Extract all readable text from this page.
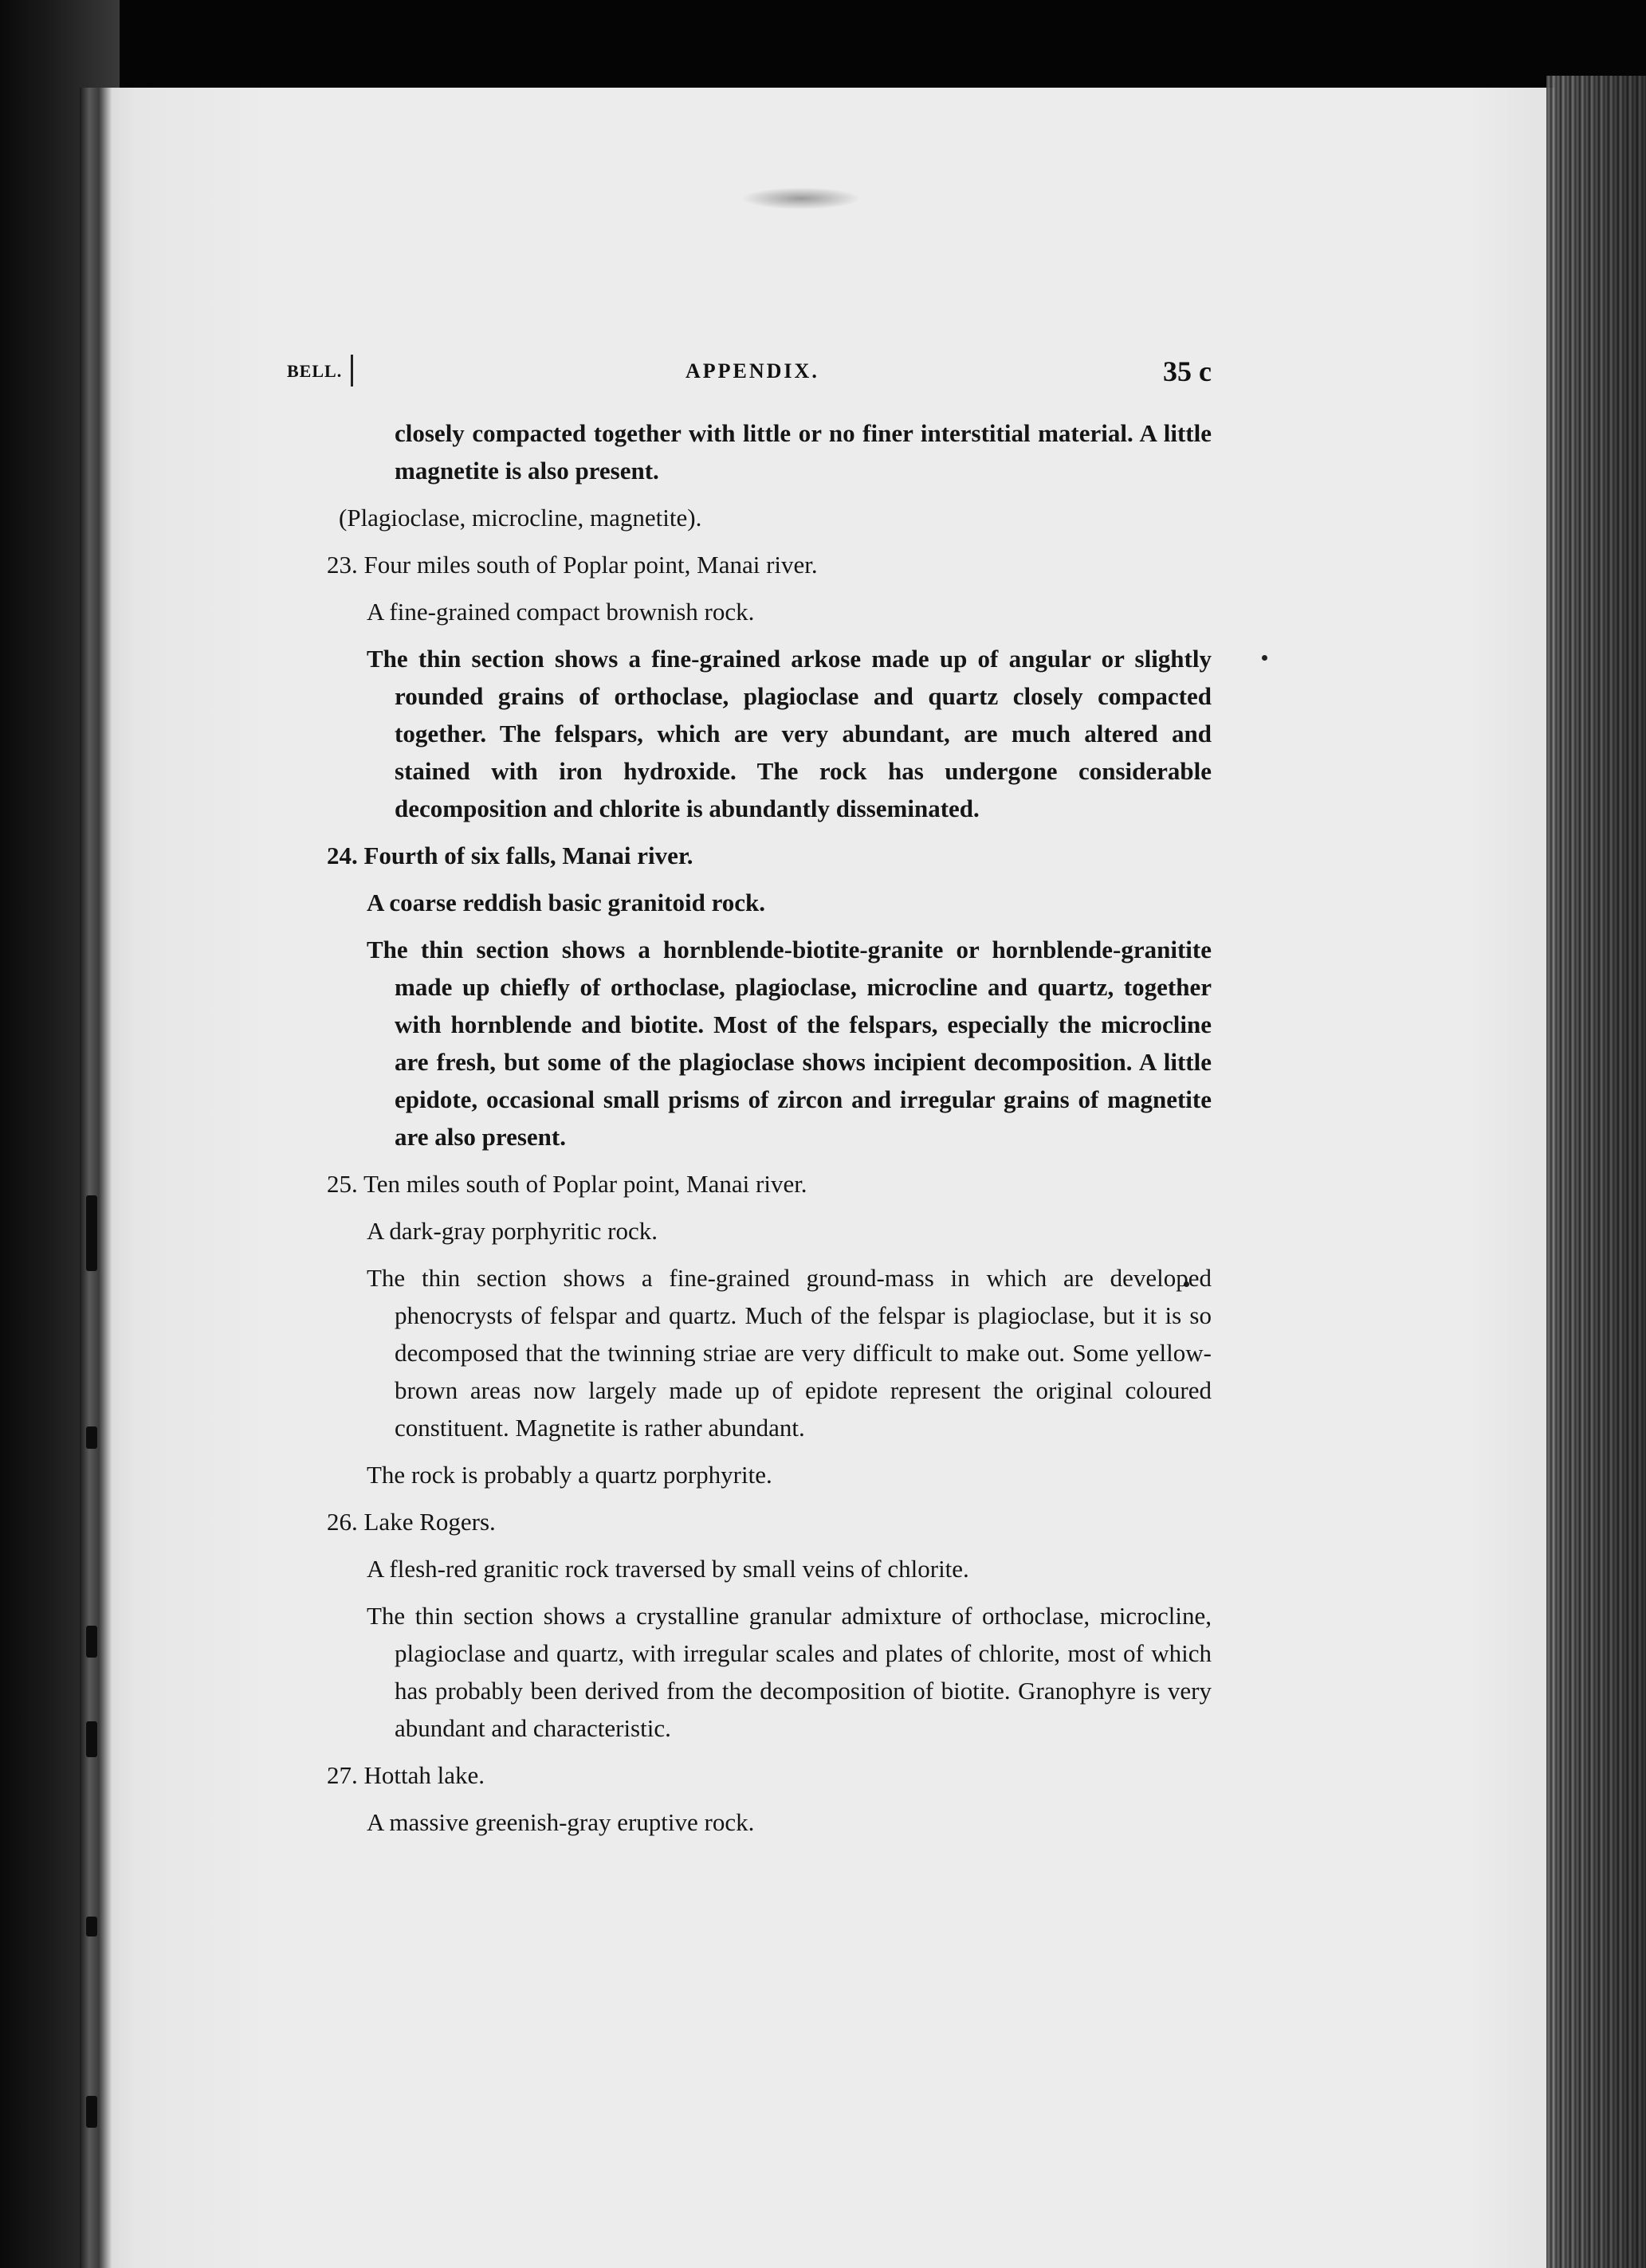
BELL.	APPENDIX.	35 c

closely compacted together with little or no finer interstitial material. A little magnetite is also present.

(Plagioclase, microcline, magnetite).

23. Four miles south of Poplar point, Manai river.

A fine-grained compact brownish rock.

The thin section shows a fine-grained arkose made up of angular or slightly rounded grains of orthoclase, plagioclase and quartz closely compacted together. The felspars, which are very abundant, are much altered and stained with iron hydroxide. The rock has undergone considerable decomposition and chlorite is abundantly disseminated.

24. Fourth of six falls, Manai river.

A coarse reddish basic granitoid rock.

The thin section shows a hornblende-biotite-granite or hornblende-granitite made up chiefly of orthoclase, plagioclase, microcline and quartz, together with hornblende and biotite. Most of the felspars, especially the microcline are fresh, but some of the plagioclase shows incipient decomposition. A little epidote, occasional small prisms of zircon and irregular grains of magnetite are also present.

25. Ten miles south of Poplar point, Manai river.

A dark-gray porphyritic rock.

The thin section shows a fine-grained ground-mass in which are developed phenocrysts of felspar and quartz. Much of the felspar is plagioclase, but it is so decomposed that the twinning striae are very difficult to make out. Some yellow-brown areas now largely made up of epidote represent the original coloured constituent. Magnetite is rather abundant.

The rock is probably a quartz porphyrite.

26. Lake Rogers.

A flesh-red granitic rock traversed by small veins of chlorite.

The thin section shows a crystalline granular admixture of orthoclase, microcline, plagioclase and quartz, with irregular scales and plates of chlorite, most of which has probably been derived from the decomposition of biotite. Granophyre is very abundant and characteristic.

27. Hottah lake.

A massive greenish-gray eruptive rock.
